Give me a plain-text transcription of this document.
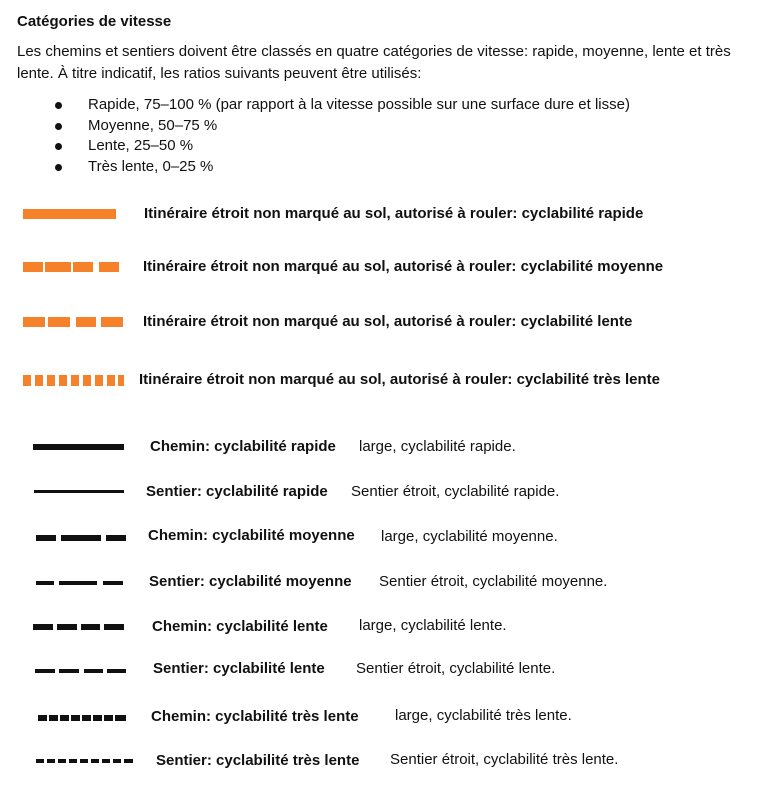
Catégories de vitesse
Les chemins et sentiers doivent être classés en quatre catégories de vitesse: rapide, moyenne, lente et très lente. À titre indicatif, les ratios suivants peuvent être utilisés:
Rapide, 75–100 % (par rapport à la vitesse possible sur une surface dure et lisse)
Moyenne, 50–75 %
Lente, 25–50 %
Très lente, 0–25 %
Itinéraire étroit non marqué au sol, autorisé à rouler: cyclabilité rapide
Itinéraire étroit non marqué au sol, autorisé à rouler: cyclabilité moyenne
Itinéraire étroit non marqué au sol, autorisé à rouler: cyclabilité lente
Itinéraire étroit non marqué au sol, autorisé à rouler: cyclabilité très lente
Chemin: cyclabilité rapide large, cyclabilité rapide.
Sentier: cyclabilité rapide Sentier étroit, cyclabilité rapide.
Chemin: cyclabilité moyenne large, cyclabilité moyenne.
Sentier: cyclabilité moyenne Sentier étroit, cyclabilité moyenne.
Chemin: cyclabilité lente large, cyclabilité lente.
Sentier: cyclabilité lente Sentier étroit, cyclabilité lente.
Chemin: cyclabilité très lente large, cyclabilité très lente.
Sentier: cyclabilité très lente Sentier étroit, cyclabilité très lente.
